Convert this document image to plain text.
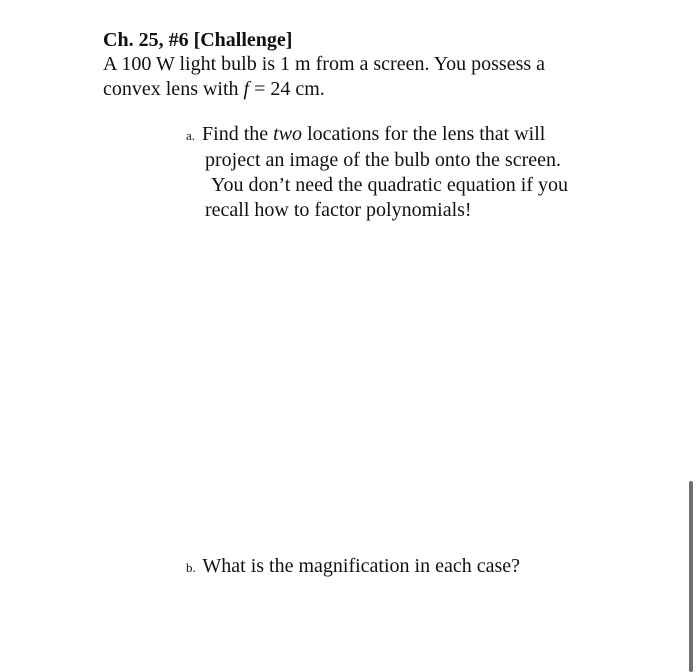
Ch. 25, #6 [Challenge]
A 100 W light bulb is 1 m from a screen. You possess a
convex lens with f = 24 cm.
a. Find the two locations for the lens that will
project an image of the bulb onto the screen.
You don’t need the quadratic equation if you
recall how to factor polynomials!
b. What is the magnification in each case?
